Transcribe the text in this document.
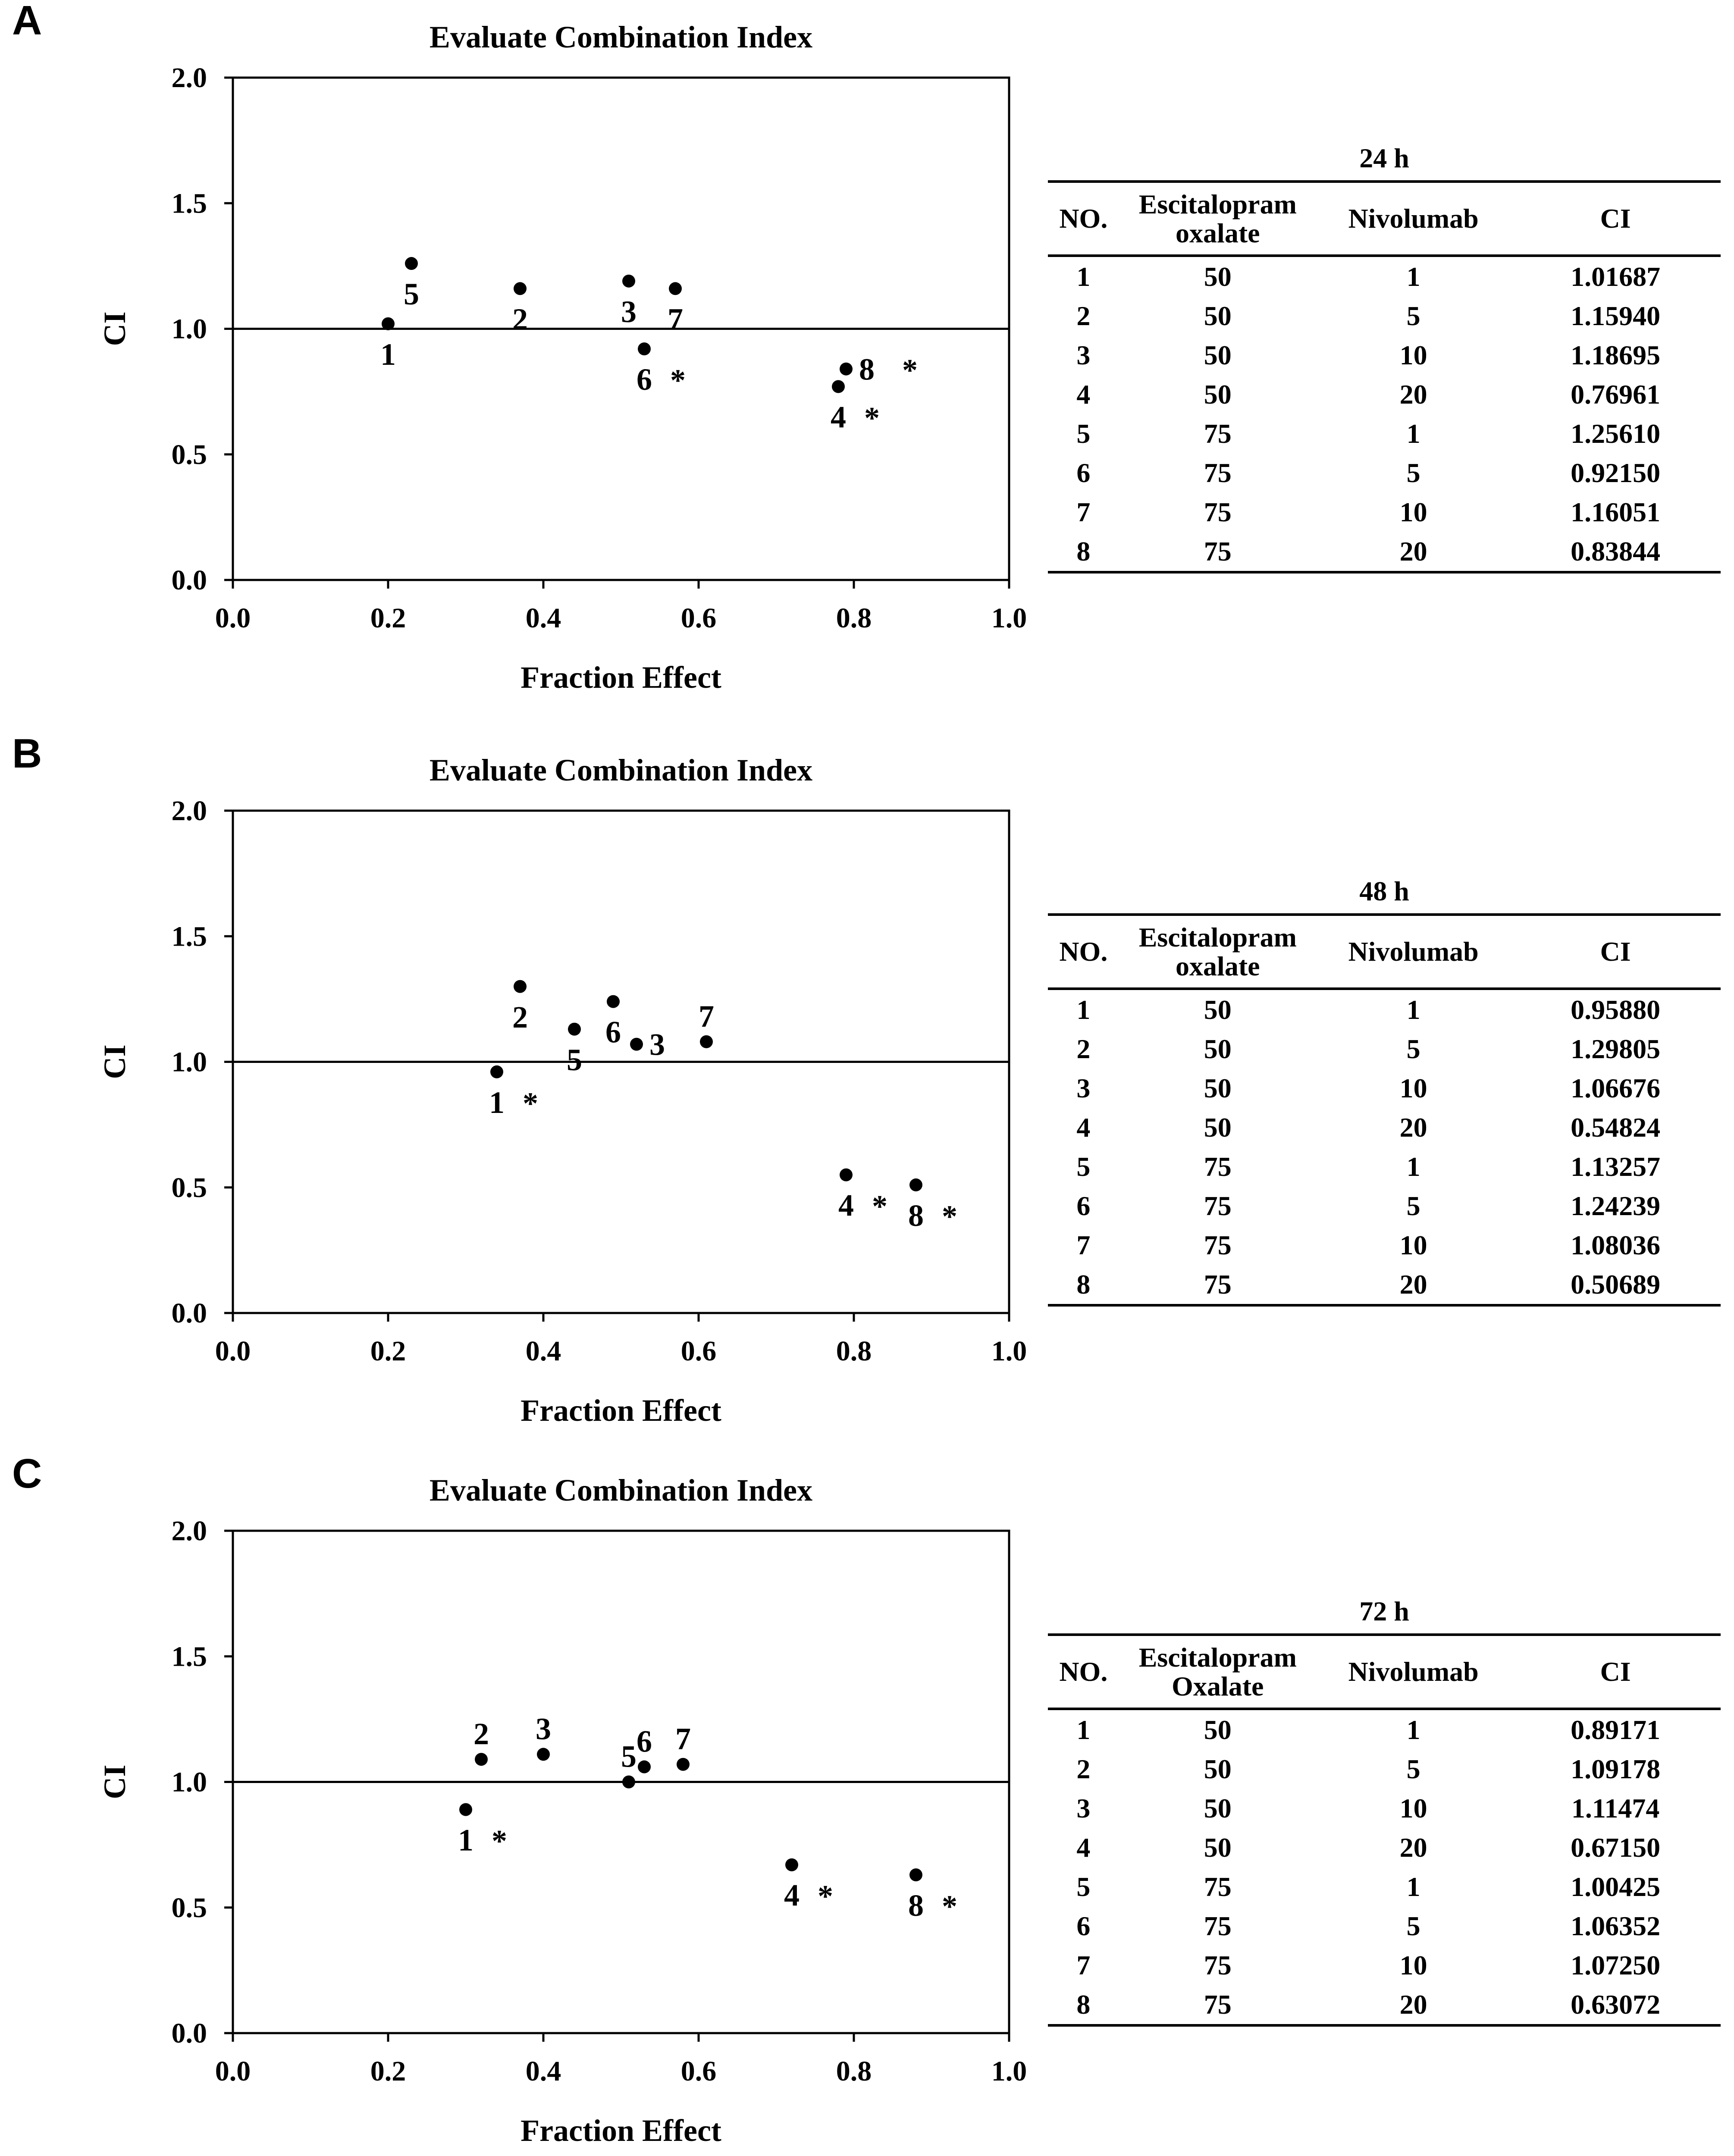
A	Evaluate Combination Index
0.0	0.2	0.4	0.6	0.8	1.0
0.0
0.5
1.0
1.5
2.0
Fraction Effect
CI
1
2	3
4 *
5
6 *
7
8 *
24 h
NO.	Escitalopram oxalate	Nivolumab	CI
1	50	1	1.01687
2	50	5	1.15940
3	50	10	1.18695
4	50	20	0.76961
5	75	1	1.25610
6	75	5	0.92150
7	75	10	1.16051
8	75	20	0.83844
B	Evaluate Combination Index
0.0	0.2	0.4	0.6	0.8	1.0
0.0
0.5
1.0
1.5
2.0
Fraction Effect
CI
1 *
2
3
4 *
5
6	7
8 *
48 h
NO.	Escitalopram oxalate	Nivolumab	CI
1	50	1	0.95880
2	50	5	1.29805
3	50	10	1.06676
4	50	20	0.54824
5	75	1	1.13257
6	75	5	1.24239
7	75	10	1.08036
8	75	20	0.50689
C	Evaluate Combination Index
0.0	0.2	0.4	0.6	0.8	1.0
0.0
0.5
1.0
1.5
2.0
Fraction Effect
CI
1 *
2 3
4 *
5 6 7
8 *
72 h
NO.	Escitalopram Oxalate	Nivolumab	CI
1	50	1	0.89171
2	50	5	1.09178
3	50	10	1.11474
4	50	20	0.67150
5	75	1	1.00425
6	75	5	1.06352
7	75	10	1.07250
8	75	20	0.63072
